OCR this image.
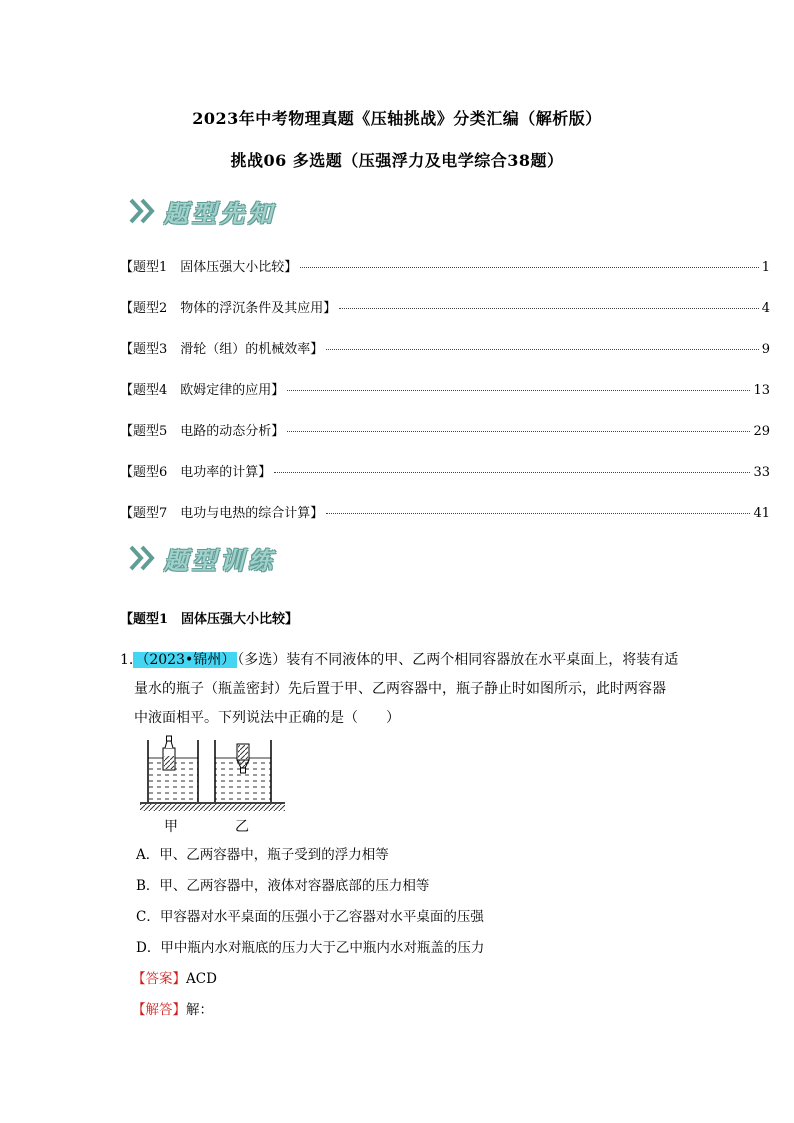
2023年中考物理真题《压轴挑战》分类汇编（解析版）
挑战06 多选题（压强浮力及电学综合38题）
题型先知
【题型1　固体压强大小比较】	1
【题型2　物体的浮沉条件及其应用】	4
【题型3　滑轮（组）的机械效率】	9
【题型4　欧姆定律的应用】	13
【题型5　电路的动态分析】	29
【题型6　电功率的计算】	33
【题型7　电功与电热的综合计算】	41
题型训练
【题型1　固体压强大小比较】
1. （2023•锦州） （多选）装有不同液体的甲、乙两个相同容器放在水平桌面上，将装有适
量水的瓶子（瓶盖密封）先后置于甲、乙两容器中，瓶子静止时如图所示，此时两容器
中液面相平。下列说法中正确的是（　　）
甲	乙
A．甲、乙两容器中，瓶子受到的浮力相等
B．甲、乙两容器中，液体对容器底部的压力相等
C．甲容器对水平桌面的压强小于乙容器对水平桌面的压强
D．甲中瓶内水对瓶底的压力大于乙中瓶内水对瓶盖的压力
【答案】ACD
【解答】解：
